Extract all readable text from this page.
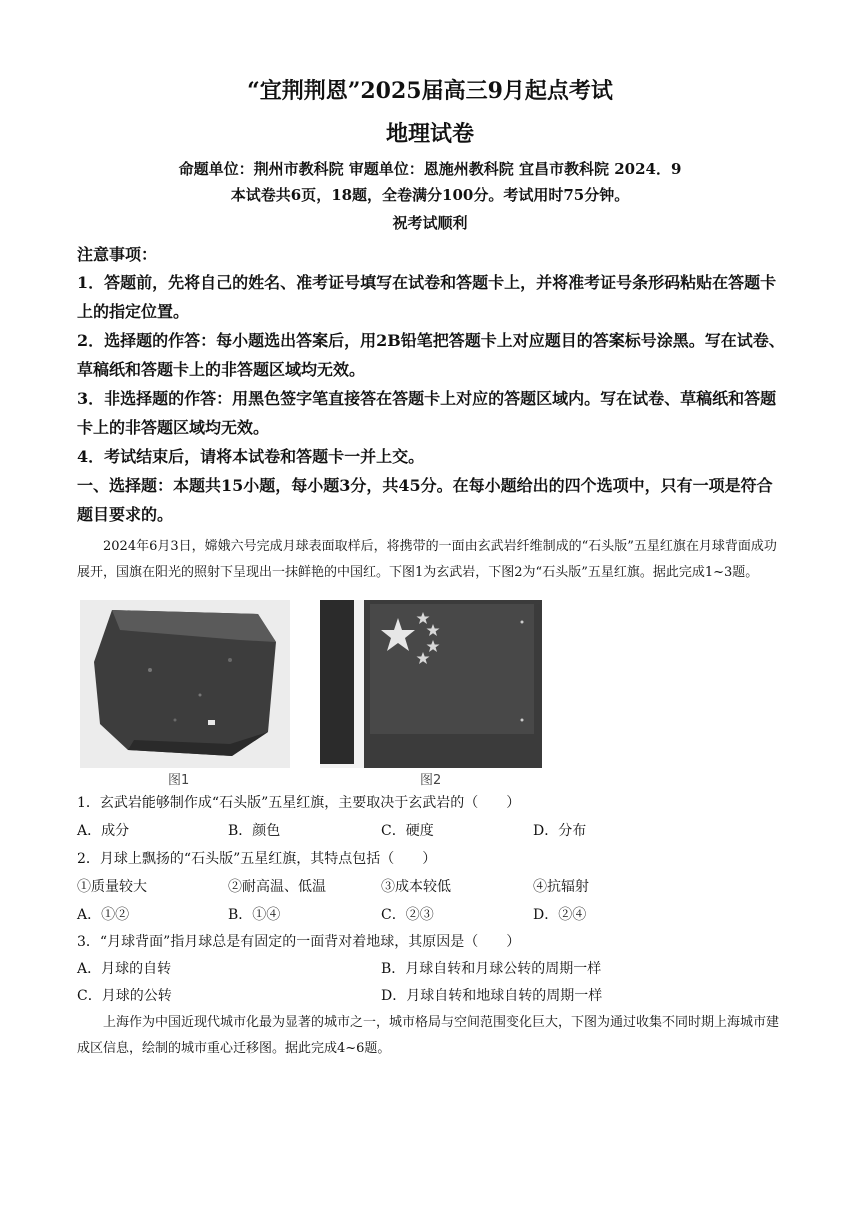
“宜荆荆恩”2025届高三9月起点考试
地理试卷
命题单位：荆州市教科院 审题单位：恩施州教科院 宜昌市教科院 2024．9
本试卷共6页，18题，全卷满分100分。考试用时75分钟。
祝考试顺利
注意事项：
1．答题前，先将自己的姓名、准考证号填写在试卷和答题卡上，并将准考证号条形码粘贴在答题卡上的指定位置。
2．选择题的作答：每小题选出答案后，用2B铅笔把答题卡上对应题目的答案标号涂黑。写在试卷、草稿纸和答题卡上的非答题区域均无效。
3．非选择题的作答：用黑色签字笔直接答在答题卡上对应的答题区域内。写在试卷、草稿纸和答题卡上的非答题区域均无效。
4．考试结束后，请将本试卷和答题卡一并上交。
一、选择题：本题共15小题，每小题3分，共45分。在每小题给出的四个选项中，只有一项是符合题目要求的。
2024年6月3日，嫦娥六号完成月球表面取样后，将携带的一面由玄武岩纤维制成的“石头版”五星红旗在月球背面成功展开，国旗在阳光的照射下呈现出一抹鲜艳的中国红。下图1为玄武岩，下图2为“石头版”五星红旗。据此完成1~3题。
图1	图2
1．玄武岩能够制作成“石头版”五星红旗，主要取决于玄武岩的（　　）
A．成分	B．颜色	C．硬度	D．分布
2．月球上飘扬的“石头版”五星红旗，其特点包括（　　）
①质量较大	②耐高温、低温	③成本较低	④抗辐射
A．①②	B．①④	C．②③	D．②④
3．“月球背面”指月球总是有固定的一面背对着地球，其原因是（　　）
A．月球的自转	B．月球自转和月球公转的周期一样
C．月球的公转	D．月球自转和地球自转的周期一样
上海作为中国近现代城市化最为显著的城市之一，城市格局与空间范围变化巨大，下图为通过收集不同时期上海城市建成区信息，绘制的城市重心迁移图。据此完成4~6题。
